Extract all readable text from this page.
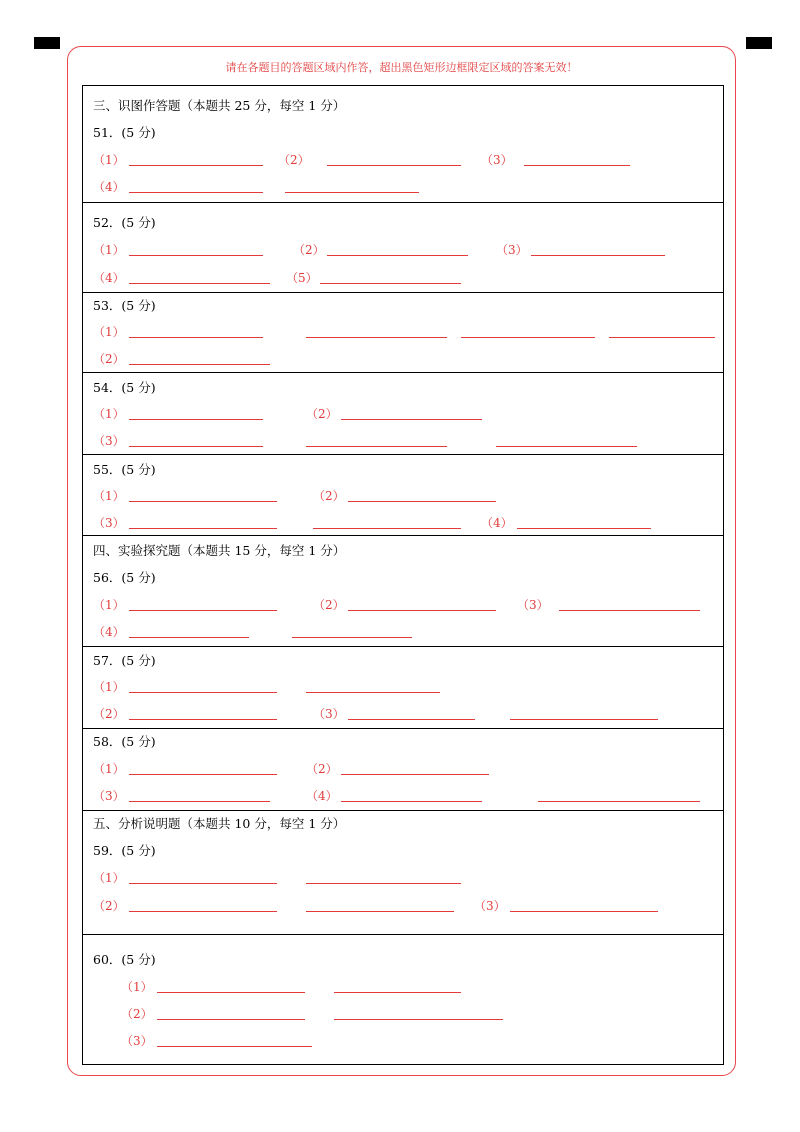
请在各题目的答题区域内作答，超出黑色矩形边框限定区域的答案无效！
三、识图作答题（本题共 25 分，每空 1 分）
51．(5 分)
（1）	（2）	（3）
（4）
52．(5 分)
（1）	（2）	（3）
（4）	（5）
53．(5 分)
（1）
（2）
54．(5 分)
（1）	（2）
（3）
55．(5 分)
（1）	（2）
（3）	（4）
四、实验探究题（本题共 15 分，每空 1 分）
56．(5 分)
（1）	（2）	（3）
（4）
57．(5 分)
（1）
（2）	（3）
58．(5 分)
（1）	（2）
（3）	（4）
五、分析说明题（本题共 10 分，每空 1 分）
59．(5 分)
（1）
（2）	（3）
60．(5 分)
（1）
（2）
（3）
